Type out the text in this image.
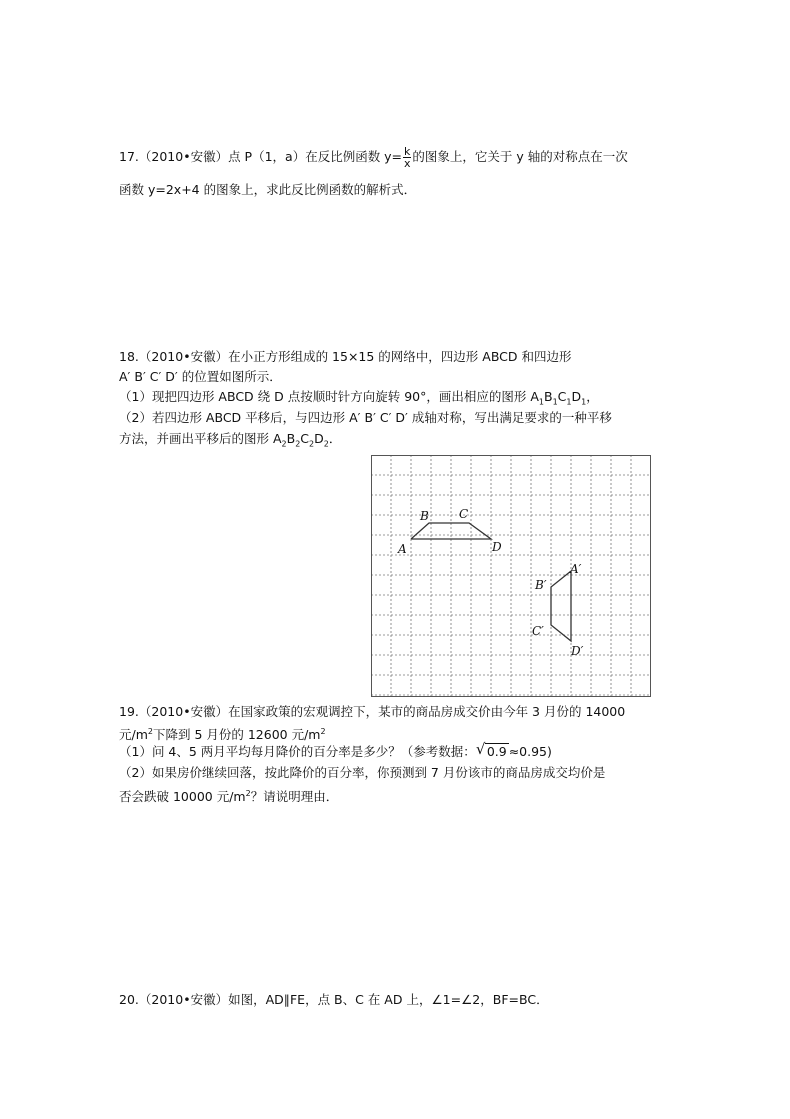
17.（2010•安徽）点 P（1，a）在反比例函数 $y= \frac{k}{x}$ 的图象上，它关于 y 轴的对称点在一次
函数 y=2x+4 的图象上，求此反比例函数的解析式．
18.（2010•安徽）在小正方形组成的 15×15 的网络中，四边形 ABCD 和四边形
A′ B′ C′ D′ 的位置如图所示．
（1）现把四边形 ABCD 绕 D 点按顺时针方向旋转 90°，画出相应的图形 $A_1B_1C_1D_1$，
（2）若四边形 ABCD 平移后，与四边形 A′ B′ C′ D′ 成轴对称，写出满足要求的一种平移
方法，并画出平移后的图形 $A_2B_2C_2D_2$．
A
B	C
D
A′
B′
C′
D′
19.（2010•安徽）在国家政策的宏观调控下，某市的商品房成交价由今年 3 月份的 14000
元$/m^2$下降到 5 月份的 12600 元$/m^2$
（1）问 4、5 两月平均每月降价的百分率是多少？（参考数据： √ 0.9 ≈0.95)
（2）如果房价继续回落，按此降价的百分率，你预测到 7 月份该市的商品房成交均价是
否会跌破 10000 元$/m^2$？请说明理由．
20.（2010•安徽）如图，AD∥FE，点 B、C 在 AD 上，∠1=∠2，BF=BC．
